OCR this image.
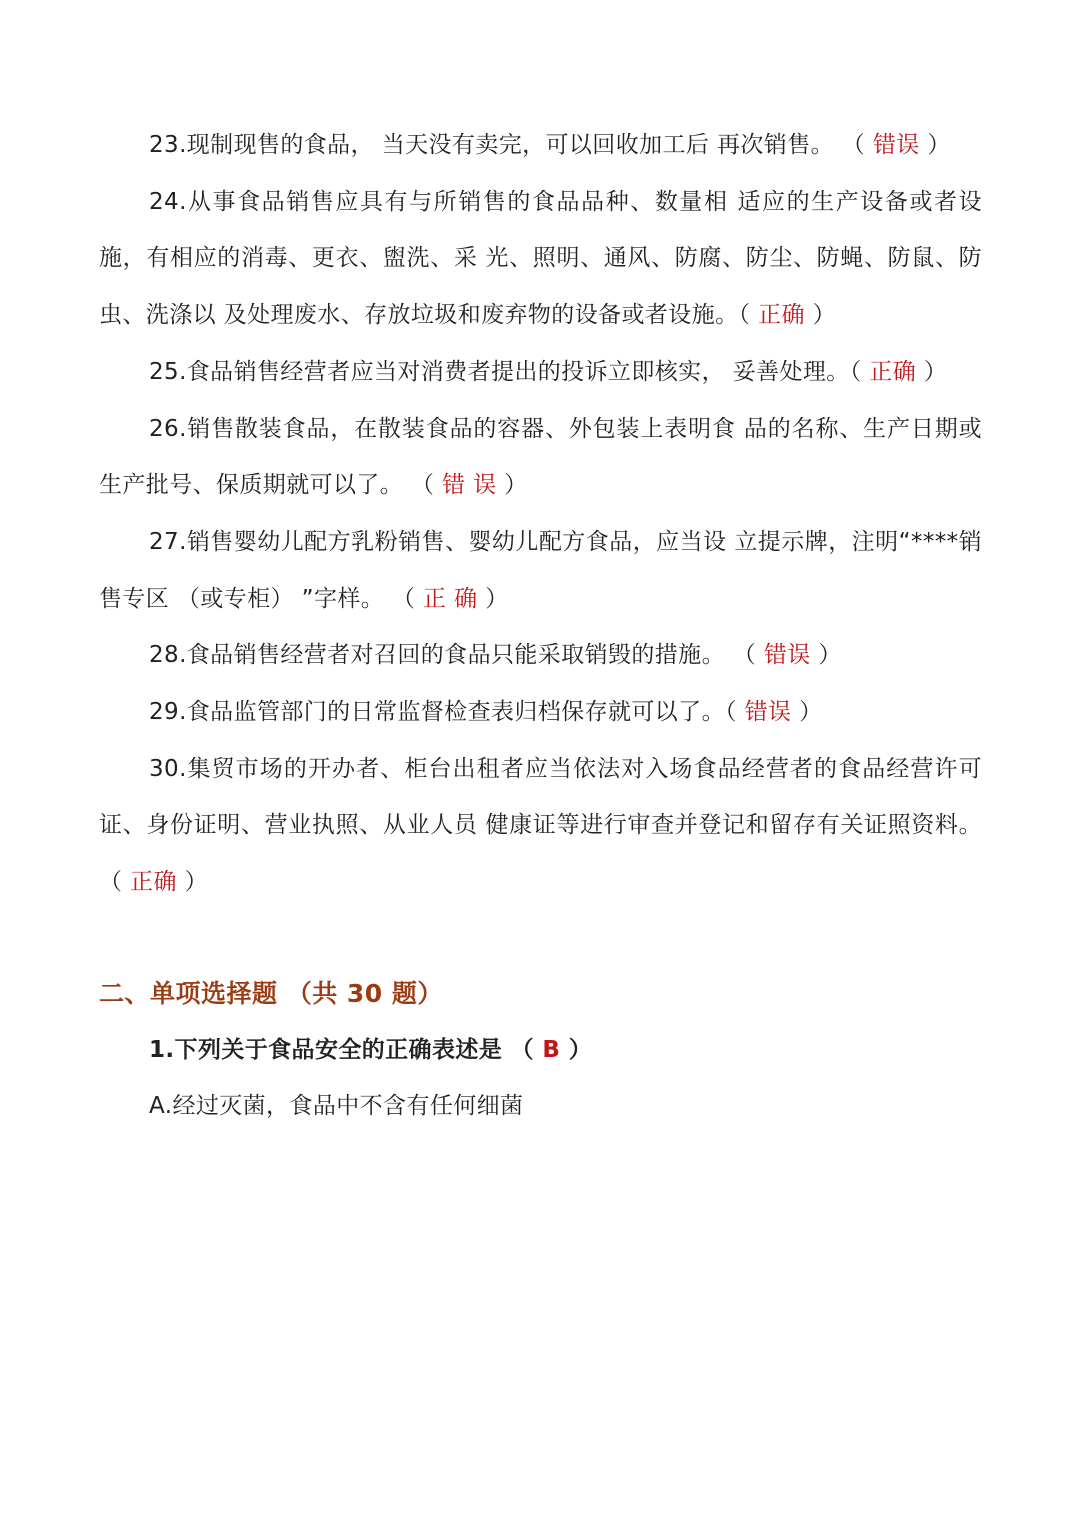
23.现制现售的食品， 当天没有卖完，可以回收加工后 再次销售。 （ 错误 ）

24.从事食品销售应具有与所销售的食品品种、数量相 适应的生产设备或者设施，有相应的消毒、更衣、盥洗、采 光、照明、通风、防腐、防尘、防蝇、防鼠、防虫、洗涤以 及处理废水、存放垃圾和废弃物的设备或者设施。（ 正确 ）

25.食品销售经营者应当对消费者提出的投诉立即核实， 妥善处理。（ 正确 ）

26.销售散装食品，在散装食品的容器、外包装上表明食 品的名称、生产日期或生产批号、保质期就可以了。 （ 错 误 ）

27.销售婴幼儿配方乳粉销售、婴幼儿配方食品，应当设 立提示牌，注明“****销售专区 （或专柜） ”字样。 （ 正 确 ）

28.食品销售经营者对召回的食品只能采取销毁的措施。 （ 错误 ）

29.食品监管部门的日常监督检查表归档保存就可以了。（ 错误 ）

30.集贸市场的开办者、柜台出租者应当依法对入场食品经营者的食品经营许可证、身份证明、营业执照、从业人员 健康证等进行审查并登记和留存有关证照资料。（ 正确 ）

二、单项选择题 （共 30 题）

1.下列关于食品安全的正确表述是 （ B ）

A.经过灭菌，食品中不含有任何细菌
